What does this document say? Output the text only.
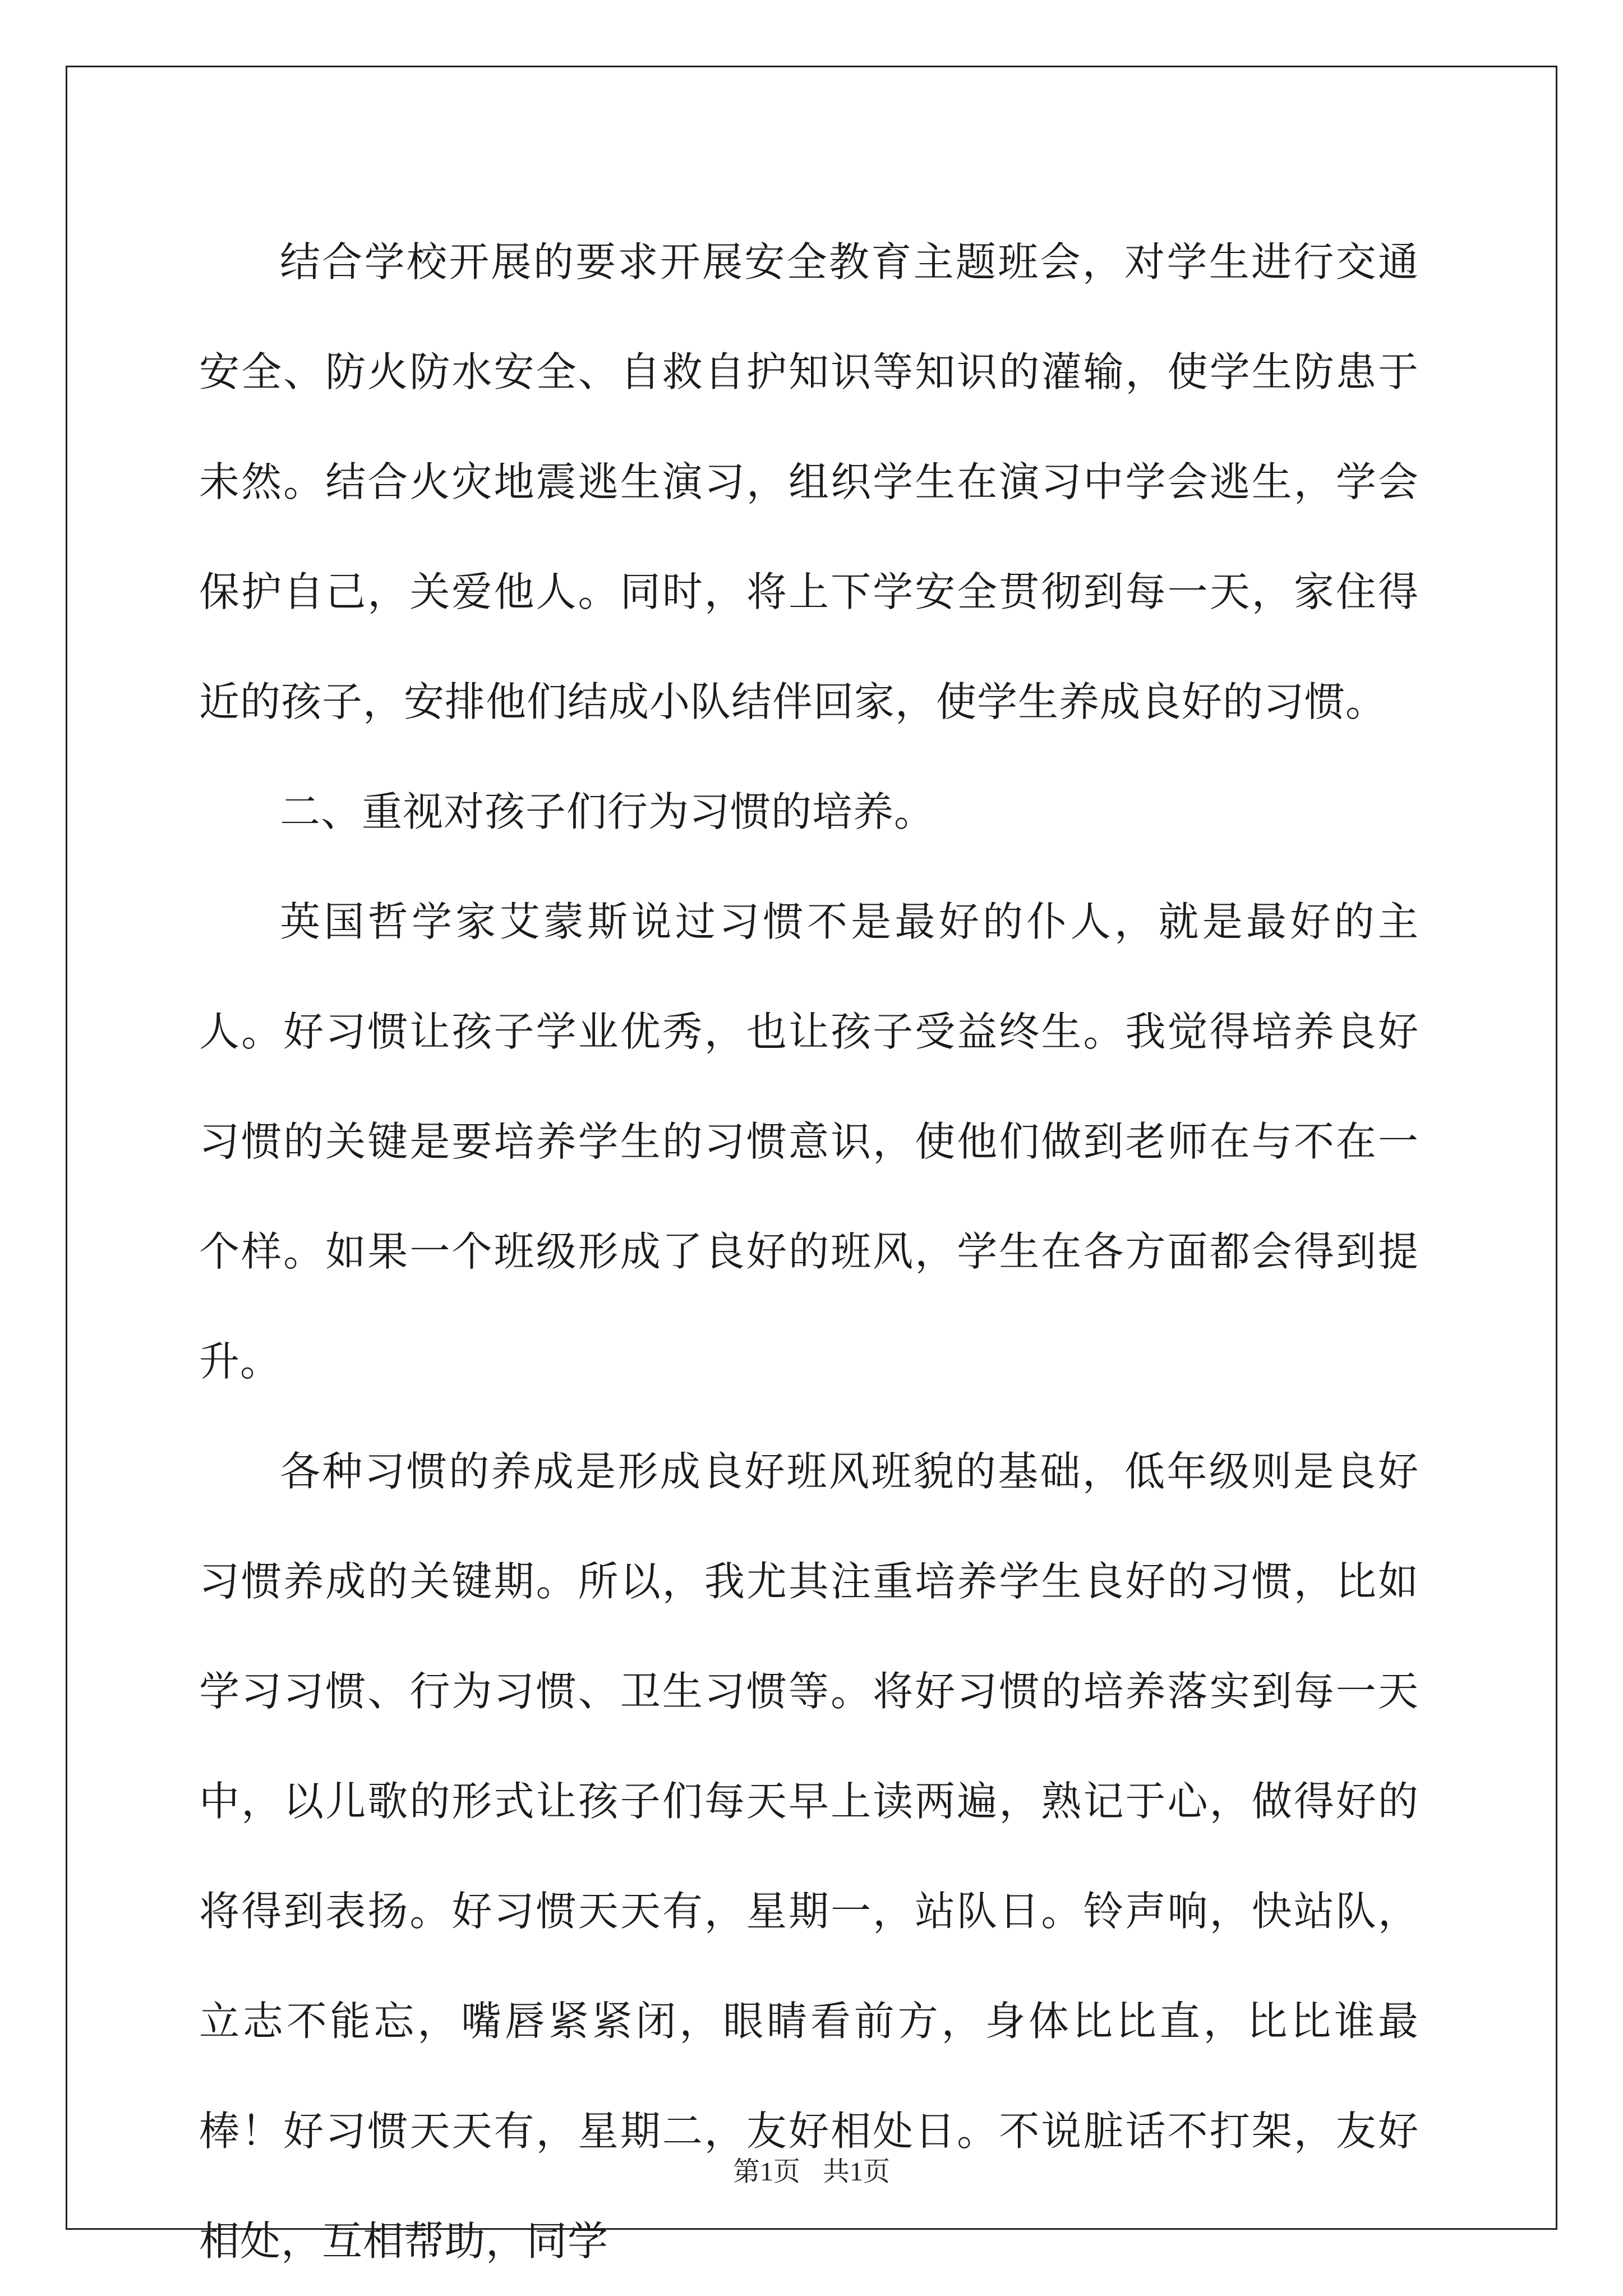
结合学校开展的要求开展安全教育主题班会，对学生进行交通安全、防火防水安全、自救自护知识等知识的灌输，使学生防患于未然。结合火灾地震逃生演习，组织学生在演习中学会逃生，学会保护自己，关爱他人。同时，将上下学安全贯彻到每一天，家住得近的孩子，安排他们结成小队结伴回家，使学生养成良好的习惯。

二、重视对孩子们行为习惯的培养。

英国哲学家艾蒙斯说过习惯不是最好的仆人，就是最好的主人。好习惯让孩子学业优秀，也让孩子受益终生。我觉得培养良好习惯的关键是要培养学生的习惯意识，使他们做到老师在与不在一个样。如果一个班级形成了良好的班风，学生在各方面都会得到提升。

各种习惯的养成是形成良好班风班貌的基础，低年级则是良好习惯养成的关键期。所以，我尤其注重培养学生良好的习惯，比如学习习惯、行为习惯、卫生习惯等。将好习惯的培养落实到每一天中，以儿歌的形式让孩子们每天早上读两遍，熟记于心，做得好的将得到表扬。好习惯天天有，星期一，站队日。铃声响，快站队，立志不能忘，嘴唇紧紧闭，眼睛看前方，身体比比直，比比谁最棒！好习惯天天有，星期二，友好相处日。不说脏话不打架，友好相处，互相帮助，同学

第1页 共1页
